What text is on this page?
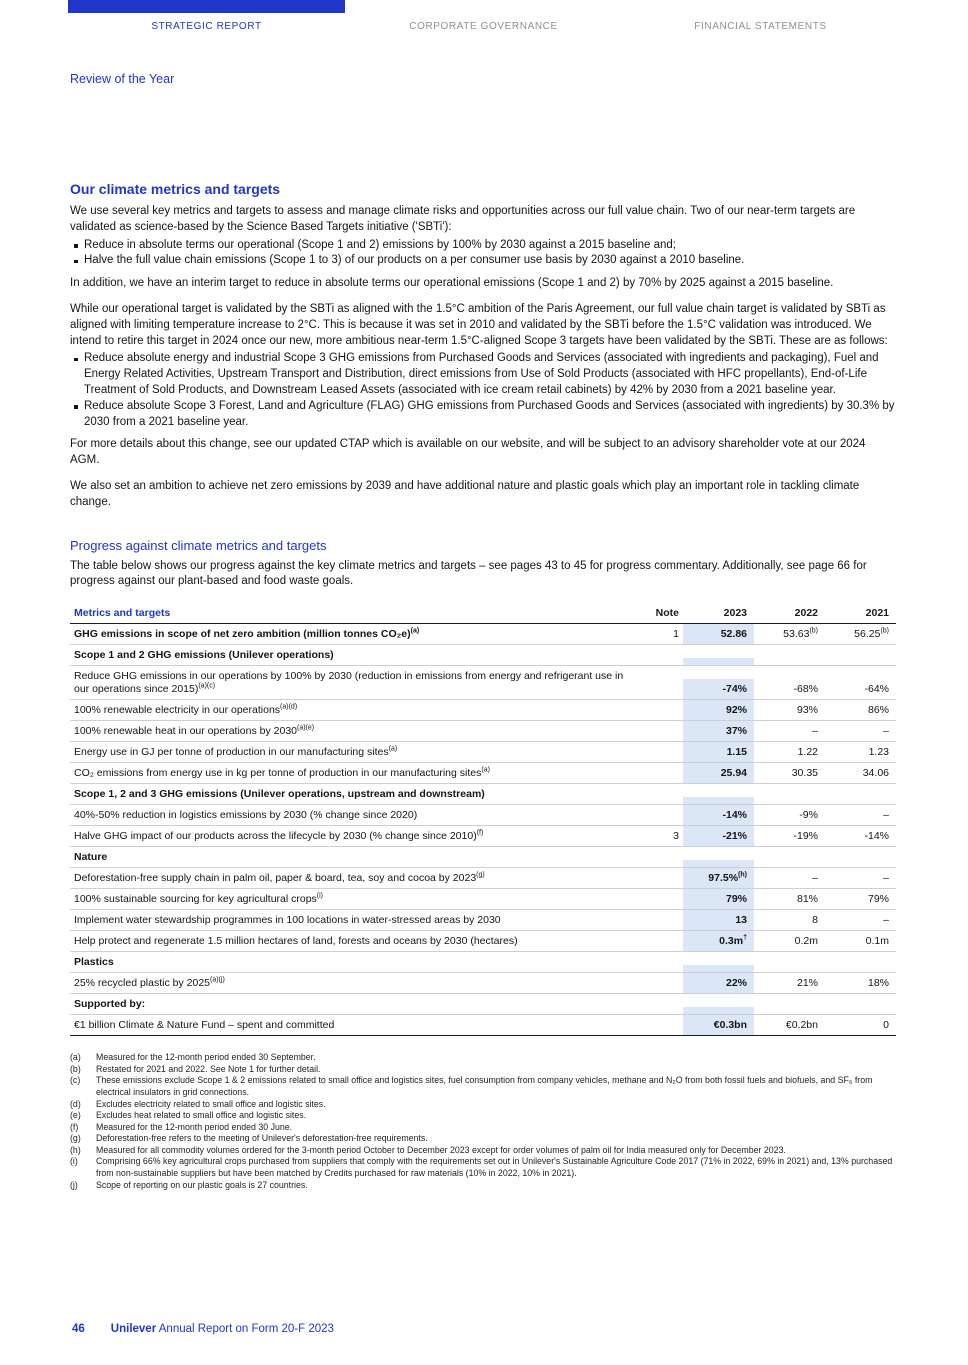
STRATEGIC REPORT	CORPORATE GOVERNANCE	FINANCIAL STATEMENTS
Review of the Year
Our climate metrics and targets

We use several key metrics and targets to assess and manage climate risks and opportunities across our full value chain. Two of our near-term targets are validated as science-based by the Science Based Targets initiative ('SBTi'):

Reduce in absolute terms our operational (Scope 1 and 2) emissions by 100% by 2030 against a 2015 baseline and;
Halve the full value chain emissions (Scope 1 to 3) of our products on a per consumer use basis by 2030 against a 2010 baseline.

In addition, we have an interim target to reduce in absolute terms our operational emissions (Scope 1 and 2) by 70% by 2025 against a 2015 baseline.

While our operational target is validated by the SBTi as aligned with the 1.5°C ambition of the Paris Agreement, our full value chain target is validated by SBTi as aligned with limiting temperature increase to 2°C. This is because it was set in 2010 and validated by the SBTi before the 1.5°C validation was introduced. We intend to retire this target in 2024 once our new, more ambitious near-term 1.5°C-aligned Scope 3 targets have been validated by the SBTi. These are as follows:

Reduce absolute energy and industrial Scope 3 GHG emissions from Purchased Goods and Services (associated with ingredients and packaging), Fuel and Energy Related Activities, Upstream Transport and Distribution, direct emissions from Use of Sold Products (associated with HFC propellants), End-of-Life Treatment of Sold Products, and Downstream Leased Assets (associated with ice cream retail cabinets) by 42% by 2030 from a 2021 baseline year.
Reduce absolute Scope 3 Forest, Land and Agriculture (FLAG) GHG emissions from Purchased Goods and Services (associated with ingredients) by 30.3% by 2030 from a 2021 baseline year.

For more details about this change, see our updated CTAP which is available on our website, and will be subject to an advisory shareholder vote at our 2024 AGM.

We also set an ambition to achieve net zero emissions by 2039 and have additional nature and plastic goals which play an important role in tackling climate change.

Progress against climate metrics and targets

The table below shows our progress against the key climate metrics and targets – see pages 43 to 45 for progress commentary. Additionally, see page 66 for progress against our plant-based and food waste goals.

Metrics and targets	Note	2023	2022	2021
GHG emissions in scope of net zero ambition (million tonnes CO₂e)$^{(a)}$	1	52.86	53.63$^{(b)}$	56.25$^{(b)}$
Scope 1 and 2 GHG emissions (Unilever operations)
Reduce GHG emissions in our operations by 100% by 2030 (reduction in emissions from energy and refrigerant use in our operations since 2015)$^{(a)(c)}$	-74%	-68%	-64%
100% renewable electricity in our operations$^{(a)(d)}$	92%	93%	86%
100% renewable heat in our operations by $2030^{(a)(e)}$	37%	–	–
Energy use in GJ per tonne of production in our manufacturing sites$^{(a)}$	1.15	1.22	1.23
CO₂ emissions from energy use in kg per tonne of production in our manufacturing sites$^{(a)}$	25.94	30.35	34.06
Scope 1, 2 and 3 GHG emissions (Unilever operations, upstream and downstream)
40%-50% reduction in logistics emissions by 2030 (% change since 2020)	-14%	-9%	–
Halve GHG impact of our products across the lifecycle by 2030 (% change since 2010)$^{(f)}$	3	-21%	-19%	-14%
Nature
Deforestation-free supply chain in palm oil, paper & board, tea, soy and cocoa by 2023$^{(g)}$	97.5%$^{(h)}$	–	–
100% sustainable sourcing for key agricultural crops$^{(i)}$	79%	81%	79%
Implement water stewardship programmes in 100 locations in water-stressed areas by 2030	13	8	–
Help protect and regenerate 1.5 million hectares of land, forests and oceans by 2030 (hectares)	0.3m†	0.2m	0.1m
Plastics
25% recycled plastic by $2025^{(a)(j)}$	22%	21%	18%
Supported by:
€1 billion Climate & Nature Fund – spent and committed	€0.3bn	€0.2bn	0
(a)	Measured for the 12-month period ended 30 September.
(b)	Restated for 2021 and 2022. See Note 1 for further detail.
(c)	These emissions exclude Scope 1 & 2 emissions related to small office and logistics sites, fuel consumption from company vehicles, methane and N₂O from both fossil fuels and biofuels, and SF₆ from electrical insulators in grid connections.
(d)	Excludes electricity related to small office and logistic sites.
(e)	Excludes heat related to small office and logistic sites.
(f)	Measured for the 12-month period ended 30 June.
(g)	Deforestation-free refers to the meeting of Unilever's deforestation-free requirements.
(h)	Measured for all commodity volumes ordered for the 3-month period October to December 2023 except for order volumes of palm oil for India measured only for December 2023.
(i)	Comprising 66% key agricultural crops purchased from suppliers that comply with the requirements set out in Unilever's Sustainable Agriculture Code 2017 (71% in 2022, 69% in 2021) and, 13% purchased from non-sustainable suppliers but have been matched by Credits purchased for raw materials (10% in 2022, 10% in 2021).
(j)	Scope of reporting on our plastic goals is 27 countries.
46 Unilever Annual Report on Form 20-F 2023
